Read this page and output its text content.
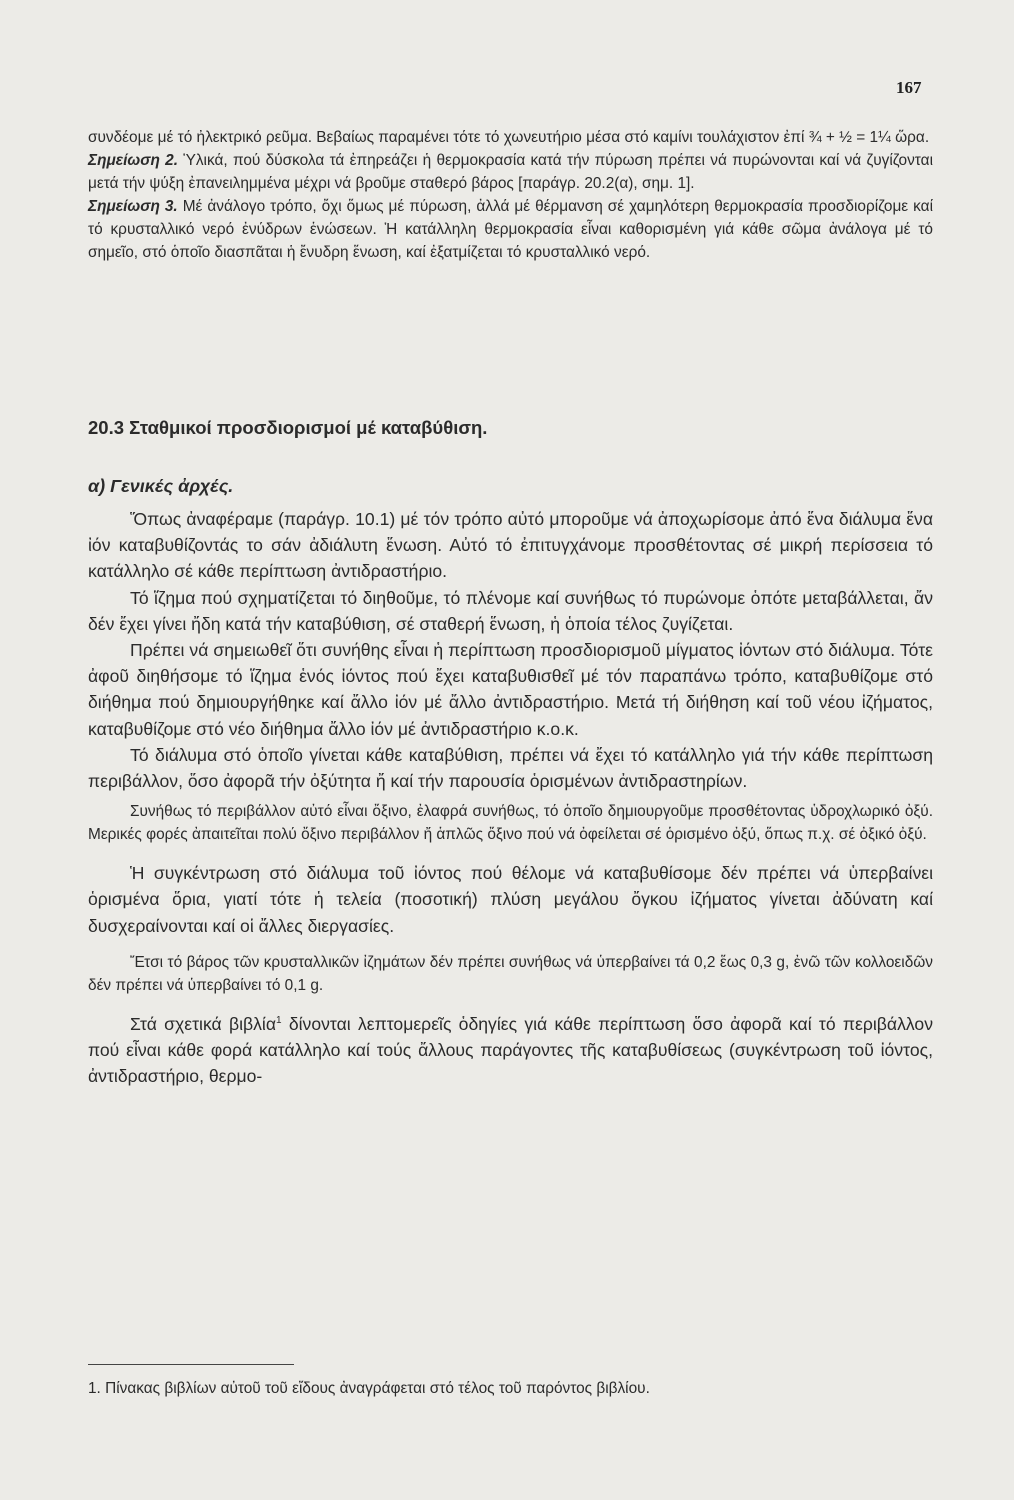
167

συνδέομε μέ τό ἠλεκτρικό ρεῦμα. Βεβαίως παραμένει τότε τό χωνευτήριο μέσα στό καμίνι τουλάχιστον ἐπί ¾ + ½ = 1¼ ὥρα.

Σημείωση 2. Ὑλικά, πού δύσκολα τά ἐπηρεάζει ἡ θερμοκρασία κατά τήν πύρωση πρέπει νά πυρώνονται καί νά ζυγίζονται μετά τήν ψύξη ἐπανειλημμένα μέχρι νά βροῦμε σταθερό βάρος [παράγρ. 20.2(α), σημ. 1].

Σημείωση 3. Μέ ἀνάλογο τρόπο, ὄχι ὅμως μέ πύρωση, ἀλλά μέ θέρμανση σέ χαμηλότερη θερμοκρασία προσδιορίζομε καί τό κρυσταλλικό νερό ἐνύδρων ἑνώσεων. Ἡ κατάλληλη θερμοκρασία εἶναι καθορισμένη γιά κάθε σῶμα ἀνάλογα μέ τό σημεῖο, στό ὁποῖο διασπᾶται ἡ ἔνυδρη ἕνωση, καί ἐξατμίζεται τό κρυσταλλικό νερό.

20.3 Σταθμικοί προσδιορισμοί μέ καταβύθιση.
α) Γενικές ἀρχές.

Ὅπως ἀναφέραμε (παράγρ. 10.1) μέ τόν τρόπο αὐτό μποροῦμε νά ἀποχωρίσομε ἀπό ἕνα διάλυμα ἕνα ἰόν καταβυθίζοντάς το σάν ἀδιάλυτη ἕνωση. Αὐτό τό ἐπιτυγχάνομε προσθέτοντας σέ μικρή περίσσεια τό κατάλληλο σέ κάθε περίπτωση ἀντιδραστήριο.

Τό ἵζημα πού σχηματίζεται τό διηθοῦμε, τό πλένομε καί συνήθως τό πυρώνομε ὁπότε μεταβάλλεται, ἄν δέν ἔχει γίνει ἤδη κατά τήν καταβύθιση, σέ σταθερή ἕνωση, ἡ ὁποία τέλος ζυγίζεται.

Πρέπει νά σημειωθεῖ ὅτι συνήθης εἶναι ἡ περίπτωση προσδιορισμοῦ μίγματος ἰόντων στό διάλυμα. Τότε ἀφοῦ διηθήσομε τό ἵζημα ἑνός ἰόντος πού ἔχει καταβυθισθεῖ μέ τόν παραπάνω τρόπο, καταβυθίζομε στό διήθημα πού δημιουργήθηκε καί ἄλλο ἰόν μέ ἄλλο ἀντιδραστήριο. Μετά τή διήθηση καί τοῦ νέου ἰζήματος, καταβυθίζομε στό νέο διήθημα ἄλλο ἰόν μέ ἀντιδραστήριο κ.ο.κ.

Τό διάλυμα στό ὁποῖο γίνεται κάθε καταβύθιση, πρέπει νά ἔχει τό κατάλληλο γιά τήν κάθε περίπτωση περιβάλλον, ὅσο ἀφορᾶ τήν ὀξύτητα ἤ καί τήν παρουσία ὁρισμένων ἀντιδραστηρίων.

Συνήθως τό περιβάλλον αὐτό εἶναι ὄξινο, ἐλαφρά συνήθως, τό ὁποῖο δημιουργοῦμε προσθέτοντας ὑδροχλωρικό ὀξύ. Μερικές φορές ἀπαιτεῖται πολύ ὄξινο περιβάλλον ἤ ἁπλῶς ὄξινο πού νά ὀφείλεται σέ ὁρισμένο ὀξύ, ὅπως π.χ. σέ ὀξικό ὀξύ.

Ἡ συγκέντρωση στό διάλυμα τοῦ ἰόντος πού θέλομε νά καταβυθίσομε δέν πρέπει νά ὑπερβαίνει ὁρισμένα ὅρια, γιατί τότε ἡ τελεία (ποσοτική) πλύση μεγάλου ὄγκου ἰζήματος γίνεται ἀδύνατη καί δυσχεραίνονται καί οἱ ἄλλες διεργασίες.

Ἔτσι τό βάρος τῶν κρυσταλλικῶν ἰζημάτων δέν πρέπει συνήθως νά ὑπερβαίνει τά 0,2 ἕως 0,3 g, ἐνῶ τῶν κολλοειδῶν δέν πρέπει νά ὑπερβαίνει τό 0,1 g.

Στά σχετικά βιβλία$^1$ δίνονται λεπτομερεῖς ὁδηγίες γιά κάθε περίπτωση ὅσο ἀφορᾶ καί τό περιβάλλον πού εἶναι κάθε φορά κατάλληλο καί τούς ἄλλους παράγοντες τῆς καταβυθίσεως (συγκέντρωση τοῦ ἰόντος, ἀντιδραστήριο, θερμο-

1. Πίνακας βιβλίων αὐτοῦ τοῦ εἴδους ἀναγράφεται στό τέλος τοῦ παρόντος βιβλίου.
